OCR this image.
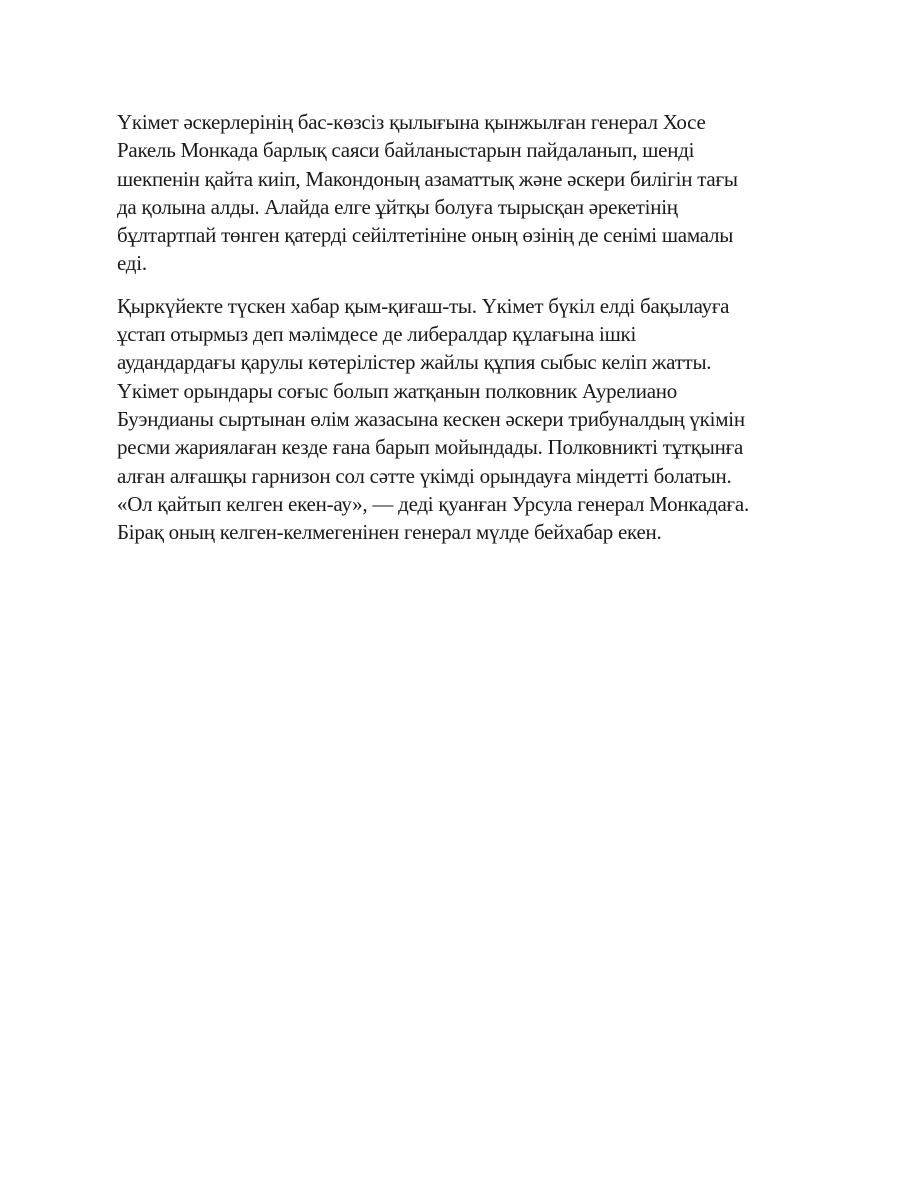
Үкімет әскерлерінің бас-көзсіз қылығына қынжылған генерал Хосе
Ракель Монкада барлық саяси байланыстарын пайдаланып, шенді
шекпенін қайта киіп, Макондоның азаматтық және әскери билігін тағы
да қолына алды. Алайда елге ұйтқы болуға тырысқан әрекетінің
бұлтартпай төнген қатерді сейілтетініне оның өзінің де сенімі шамалы
еді.

Қыркүйекте түскен хабар қым-қиғаш-ты. Үкімет бүкіл елді бақылауға
ұстап отырмыз деп мәлімдесе де либералдар құлағына ішкі
аудандардағы қарулы көтерілістер жайлы құпия сыбыс келіп жатты.
Үкімет орындары соғыс болып жатқанын полковник Аурелиано
Буэндианы сыртынан өлім жазасына кескен әскери трибуналдың үкімін
ресми жариялаған кезде ғана барып мойындады. Полковникті тұтқынға
алған алғашқы гарнизон сол сәтте үкімді орындауға міндетті болатын.
«Ол қайтып келген екен-ау», — деді қуанған Урсула генерал Монкадаға.
Бірақ оның келген-келмегенінен генерал мүлде бейхабар екен.
